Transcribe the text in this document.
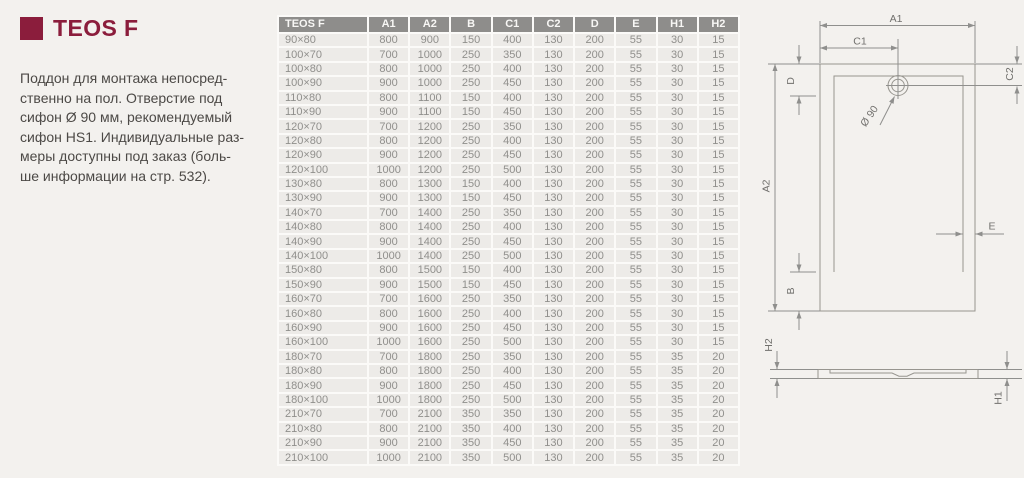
TEOS F

Поддон для монтажа непосред-
ственно на пол. Отверстие под
сифон Ø 90 мм, рекомендуемый
сифон HS1. Индивидуальные раз-
меры доступны под заказ (боль-
ше информации на стр. 532).

TEOS F	A1	A2	B	C1	C2	D	E	H1	H2
90×80	800	900	150	400	130	200	55	30	15
100×70	700	1000	250	350	130	200	55	30	15
100×80	800	1000	250	400	130	200	55	30	15
100×90	900	1000	250	450	130	200	55	30	15
110×80	800	1100	150	400	130	200	55	30	15
110×90	900	1100	150	450	130	200	55	30	15
120×70	700	1200	250	350	130	200	55	30	15
120×80	800	1200	250	400	130	200	55	30	15
120×90	900	1200	250	450	130	200	55	30	15
120×100	1000	1200	250	500	130	200	55	30	15
130×80	800	1300	150	400	130	200	55	30	15
130×90	900	1300	150	450	130	200	55	30	15
140×70	700	1400	250	350	130	200	55	30	15
140×80	800	1400	250	400	130	200	55	30	15
140×90	900	1400	250	450	130	200	55	30	15
140×100	1000	1400	250	500	130	200	55	30	15
150×80	800	1500	150	400	130	200	55	30	15
150×90	900	1500	150	450	130	200	55	30	15
160×70	700	1600	250	350	130	200	55	30	15
160×80	800	1600	250	400	130	200	55	30	15
160×90	900	1600	250	450	130	200	55	30	15
160×100	1000	1600	250	500	130	200	55	30	15
180×70	700	1800	250	350	130	200	55	35	20
180×80	800	1800	250	400	130	200	55	35	20
180×90	900	1800	250	450	130	200	55	35	20
180×100	1000	1800	250	500	130	200	55	35	20
210×70	700	2100	350	350	130	200	55	35	20
210×80	800	2100	350	400	130	200	55	35	20
210×90	900	2100	350	450	130	200	55	35	20
210×100	1000	2100	350	500	130	200	55	35	20
Ø 90
A1
C1
C2
D
A2
B
E
H2
H1
